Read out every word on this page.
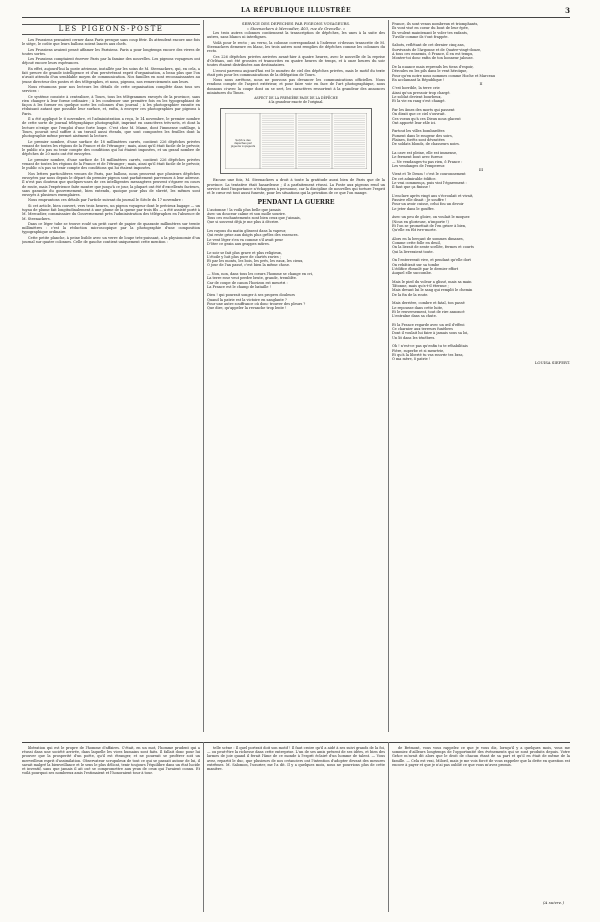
LA RÉPUBLIQUE ILLUSTRÉE	3
LES PIGEONS-POSTE

Les Prussiens pensaient cerner dans Paris presque sans coup férir. Ils attendent encore une fois le siège, le coûte que leurs ballons soient lancés aux chefs.

Les Prussiens avaient pensé affamer les Parisiens. Paris a pour longtemps encore des vivres de toutes sortes.

Les Prussiens comptaient énerver Paris par la famine des nouvelles. Les pigeons voyageurs ont déjoué encore leurs espérances.

En effet, aujourd'hui la poste aérienne, installée par les soins de M. Steenackers, qui, en cela, a fait preuve de grande intelligence et d'un persévérant esprit d'organisation, a beau plus que l'on n'avait attendu d'un semblable moyen de communication. Nos familles en sont reconnaissantes au jeune directeur des postes et des télégraphes, et nous, pigeons, nos remerciements aux leurs.

Nous résumons pour nos lecteurs les détails de cette organisation complète dans tous ses services :

Ce système consiste à centraliser, à Tours, tous les télégrammes envoyés de la province, sans rien changer à leur forme ordinaire ; à les condenser une première fois en les typographiant de façon à les former en quelque sorte les colonnes d'un journal ; à les photographier ensuite en réduisant autant que possible leur surface, et, enfin, à envoyer ces photographies par pigeons à Paris.

Il a été appliqué le 6 novembre, et l'administration a reçu, le 14 novembre, le premier nombre de cette sorte de journal télégraphique photographié, imprimé en caractères très-nets, et dont la lecture n'exige que l'emploi d'une forte loupe. C'est chez M. Mame, dont l'immense outillage, à Tours, pouvait seul suffire à un travail aussi étendu, que sont composées les feuilles dont la photographie même permet aisément la lecture.

Le premier nombre, d'une surface de 18 millimètres carrés, contient 226 dépêches privées venant de toutes les régions de la France et de l'étranger ; mais, ainsi qu'il était facile de le prévoir, le public n'a pas su tenir compte des conditions qui lui étaient imposées, et un grand nombre de dépêches de 20 mots ont été envoyées.

Le premier nombre, d'une surface de 18 millimètres carrés, contient 226 dépêches privées venant de toutes les régions de la France et de l'étranger ; mais, ainsi qu'il était facile de le prévoir, le public n'a pas su tenir compte des conditions qui lui étaient imposées.

Nos lettres particulières venues de Paris, par ballons, nous prouvent que plusieurs dépêches envoyées par nous depuis le départ du premier pigeon sont parfaitement parvenues à leur adresse. Il n'est pas douteux que quelques-unes de ces intelligentes messagères peuvent s'égarer en cours de route, mais l'expérience faite montre que jusqu'à ce jour, la plupart ont été d'excellents facteurs, sans garantie du gouvernement, bien entendu, quoique pour plus de sûreté, les mêmes sont envoyés à plusieurs exemplaires.

Nous empruntons ces détails par l'article suivant du journal le Siècle du 17 novembre :

Si cet article, bien couvert, vers trois heures, un pigeon voyageur dont le précieux bagage — un tuyau de plume fait longitudinalement à une plume de la queue par trois fils — a été assisté porté à M. Mercadier, commissaire du Gouvernement près l'administration des télégraphes en l'absence de M. Steenackers.

Dans ce léger tube se trouve roulé un petit carré de papier de quarante millimètres sur trente millimètres : c'est la réduction microscopique par la photographie d'une composition typographique ordinaire.

Cette petite planche, à peine lisible avec un verre de loupe très-puissant, a la physionomie d'un journal sur quatre colonnes. Celle de gauche contient uniquement cette mention :

SERVICE DES DÉPÊCHES PAR PIGEONS VOYAGEURS.
« Steenackers à Mercadier, 403, rue de Grenelle. »

Les trois autres colonnes contiennent la transcription de dépêches, les unes à la suite des autres, sans blancs ni interlignes.

Voilà pour le recto ; au verso, la colonne correspondant à l'adresse ci-dessus transcrite de M. Steenackers demeure en blanc, les trois autres sont remplies de dépêches comme les colonnes du recto.

Ces 226 dépêches privées arrivées avant-hier à quatre heures, avec le nouvelle de la reprise d'Orléans, ont été grossies et transcrites en quatre heures de temps, et à onze heures du soir toutes étaient distribuées aux destinataires.

L'envoi parvenu aujourd'hui est le numéro de ciel des dépêches privées, mais le motif du texte était pris pour les communications de la délégation de Tours.

Nous nous arrêtons, nous ne pouvons pas devancer les communications officielles. Nous rendons compte de l'aspect extérieur, et pour faire voir en face de l'art photographique, nous donnons ci-avec la coupe dont on se sert, les caractères ressortent à la grandeur des annonces miniatures du Times.

ASPECT DE LA PREMIÈRE PAGE DE LA DÉPÊCHE
à la grandeur exacte de l'original.
Service des dépêches par pigeons voyageurs

Excuse une fois, M. Steenackers a droit à toute la gratitude aussi bien de Paris que de la province. La tentative était hasardeuse ; il a parfaitement réussi. La Poste aux pigeons rend un service dont l'importance n'échappera à personne, car la discipline de nouvelles qui torture l'esprit et le cœur est tout aussi funeste, pour les situations qui la privation de ce que l'on mange.

PENDANT LA GUERRE
L'automne ! la voilà plus belle que jamais
Avec un douceur calme et son molle sourire.
Tous ces enchantements sont bien ceux que j'aimais,
Que si souvent déjà je me plus à décrire.

Les rayons du matin glissent dans la vapeur,
Qui reste grise aux doigts plus grêles des essences.
Le vent léger s'en va comme s'il avait peur
D'ôter ce grain aux grappes mûres.

Le soir se fait plus grave et plus religieux,
L'étoile y luit plus pure de clartés ravies ;
Et par les monts, les bois, les prés, les eaux, les cieux,
O jour de l'an passé, c'est bien la même chose.

— Non, non, dans tous les cœurs l'homme se change en cri,
La terre rose veut perdre brute, grande, tremblée.
Car de coupe de canon l'horizon est meurtri :
La France est le champ de bataille !

Dieu ! qui pourrait songer à ses propres douleurs
Quand la patrie est la victoire en sanglante ?
Pour une autre souffrance où donc trouver des pleurs ?
Que dire, qu'appeler la revanche trop lente !
France, ils sont venus nombreux et triomphants,
Ils vont visé en coeur du bout de leur épée,
Ils veulent maintenant le voler tes enfants,
T'avilir comme ils t'ont frappée.

Sabots, reflétant de cet dernier cinq ans,
Survivants de l'Argonne et de Quatre-vingt-douze,
A tous ces ennemis, ô France, il en est temps,
Montre-toi donc enfin de ton honneur jalouse.

De la nuance mais reprends les tiens d'espoir,
Déroules en les pils dans le vent héroïque,
Pour qu'en notre nous nommes comme Hoche et Marceau
En acclamant la République !
II
C'est horrible, la terre crie
Ainsi qu'un pressoir trop chargé.
Le soldat devient bourbeux,
Et la vie en rang s'est changé.

Par les âmes des morts qui passent
On dirait que ce ciel s'ouvrait.
Ces voeux qu'à ces Dieux nous glacent
Ont apporté leur râle ici.

Partout les villes bombardées
Fument dans le rougeur des soirs,
Plaines, forêts sont dévastées
De soldats blonds, de chasseurs noirs.

La cave est pleine, elle est immense,
Le ferment bout avec fureur.
— Ne vendanges-tu pas rien, ô France :
Les vendanges de l'empereur.
III
Vient et Te Deum ! c'est le couronnement
De cet admirable édifice.
Le vrai commença, puis vint l'égarement :
Il faut que ça finisse !

L'enclave après vingt ans s'écroulait et vivait,
Passive elle disait : Je souffre !
Pour un avoir cuisse, celui fou un devoir
Le jeter dans le gouffre.

Avec un peu de gloire, on voulait le moquer.
(Nous en glorieuse, n'importe !)
Et l'on se promettait de l'en griser à bien,
Qu'elle en fût ivre-morte.

Alors en la berçant de sommes dimanes,
Comme cette folle en deuil,
On la lierait de sente scellée, fermes et courts
Qui la livreraient toute.

On l'enterrerait vive, et pendant qu'elle dort
On rebâtirait sur sa tombe
L'édifice ébranlé par le dernier effort
Auquel elle succombe.

Mais le pied du voleur a glissé, mais sa main
Tâtonne, mais qu'a-t-il éternue ;
Mais devant lui le sang qui remplit le chemin
De la fin de la route.

Mais derrière, combre et fatal, ton passé
Le repousse dans cette luite,
Et le renversement, tout de rire annoncé
L'entraîne dans sa chute.

Et la France regarde avec un œil d'effroi
Ce charnier aux terreurs funèbres
Dont il voulait lui faire à jamais sous sa loi,
Un lit dans les ténèbres.

Oh ! n'est-ce pas qu'enfin tu te réhabilitais
Fière, superbe et si meurtrie,
Et qu'à la liberté tu vas rouvrir tes bras,
O ma mère, ô patrie !
LOUISA SIEFERT.

libération qui est le propre de l'homme d'affaires. C'était, en un mot, l'homme prudent qui a réussi dans une société arrivée, dans laquelle les vices humains sont faits. Il fallait donc pour lui prouver que la prosperité d'un poète, qu'il est étranger, et ne pourrait se proférer soit un merveilleux esprit d'assimilation. Observateur scrupuleux de tout ce qui se passait autour de lui, il savait malgré la bienveillance et le sens le plus délicat, tenir toujours l'équilibre dans un état lucide et inventif, sans que jamais il ait osé se compromettre aux yeux de ceux qui l'avaient connu. Et voilà pourquoi ses nombreux amis l'estimaient et l'honoraient tour à tour.

telle scène : Il quel portrait doit son motif ! Il faut croire qu'il a aidé à ses suivi grands de la foi, — ou peut-être la richesse dans cette entreprise. L'un de ses amis présent de ses idées, et bien des larmes de joie quand il ferait l'âme de ce monde à l'esprit éclairé d'un homme de talent. — Vous avez, repartit le duc, que plusieurs de nos créanciers ont l'intention d'adopter devant des mesures extrêmes. M. Salomon, l'usurier, me l'a dit. Il y a quelques mois, nous ne pourrions plus de cette manière.

de Betmont, vous vous rappelez ce que je vous dis, lorsqu'il y a quelques mois, vous me sommiez d'ailleurs longtemps de l'opportunité des événements qui se sont produits depuis. Votre Grâce m'avait dit alors que le droit de chacun étant de sa part et qu'il en était de même de la famille. — Cela est vrai, Milord, mais je me vois forcé de vous rappeler que la dette en question est encore à payer et que je n'ai pas oublié ce que vous m'avez promis.

(A suivre.)
